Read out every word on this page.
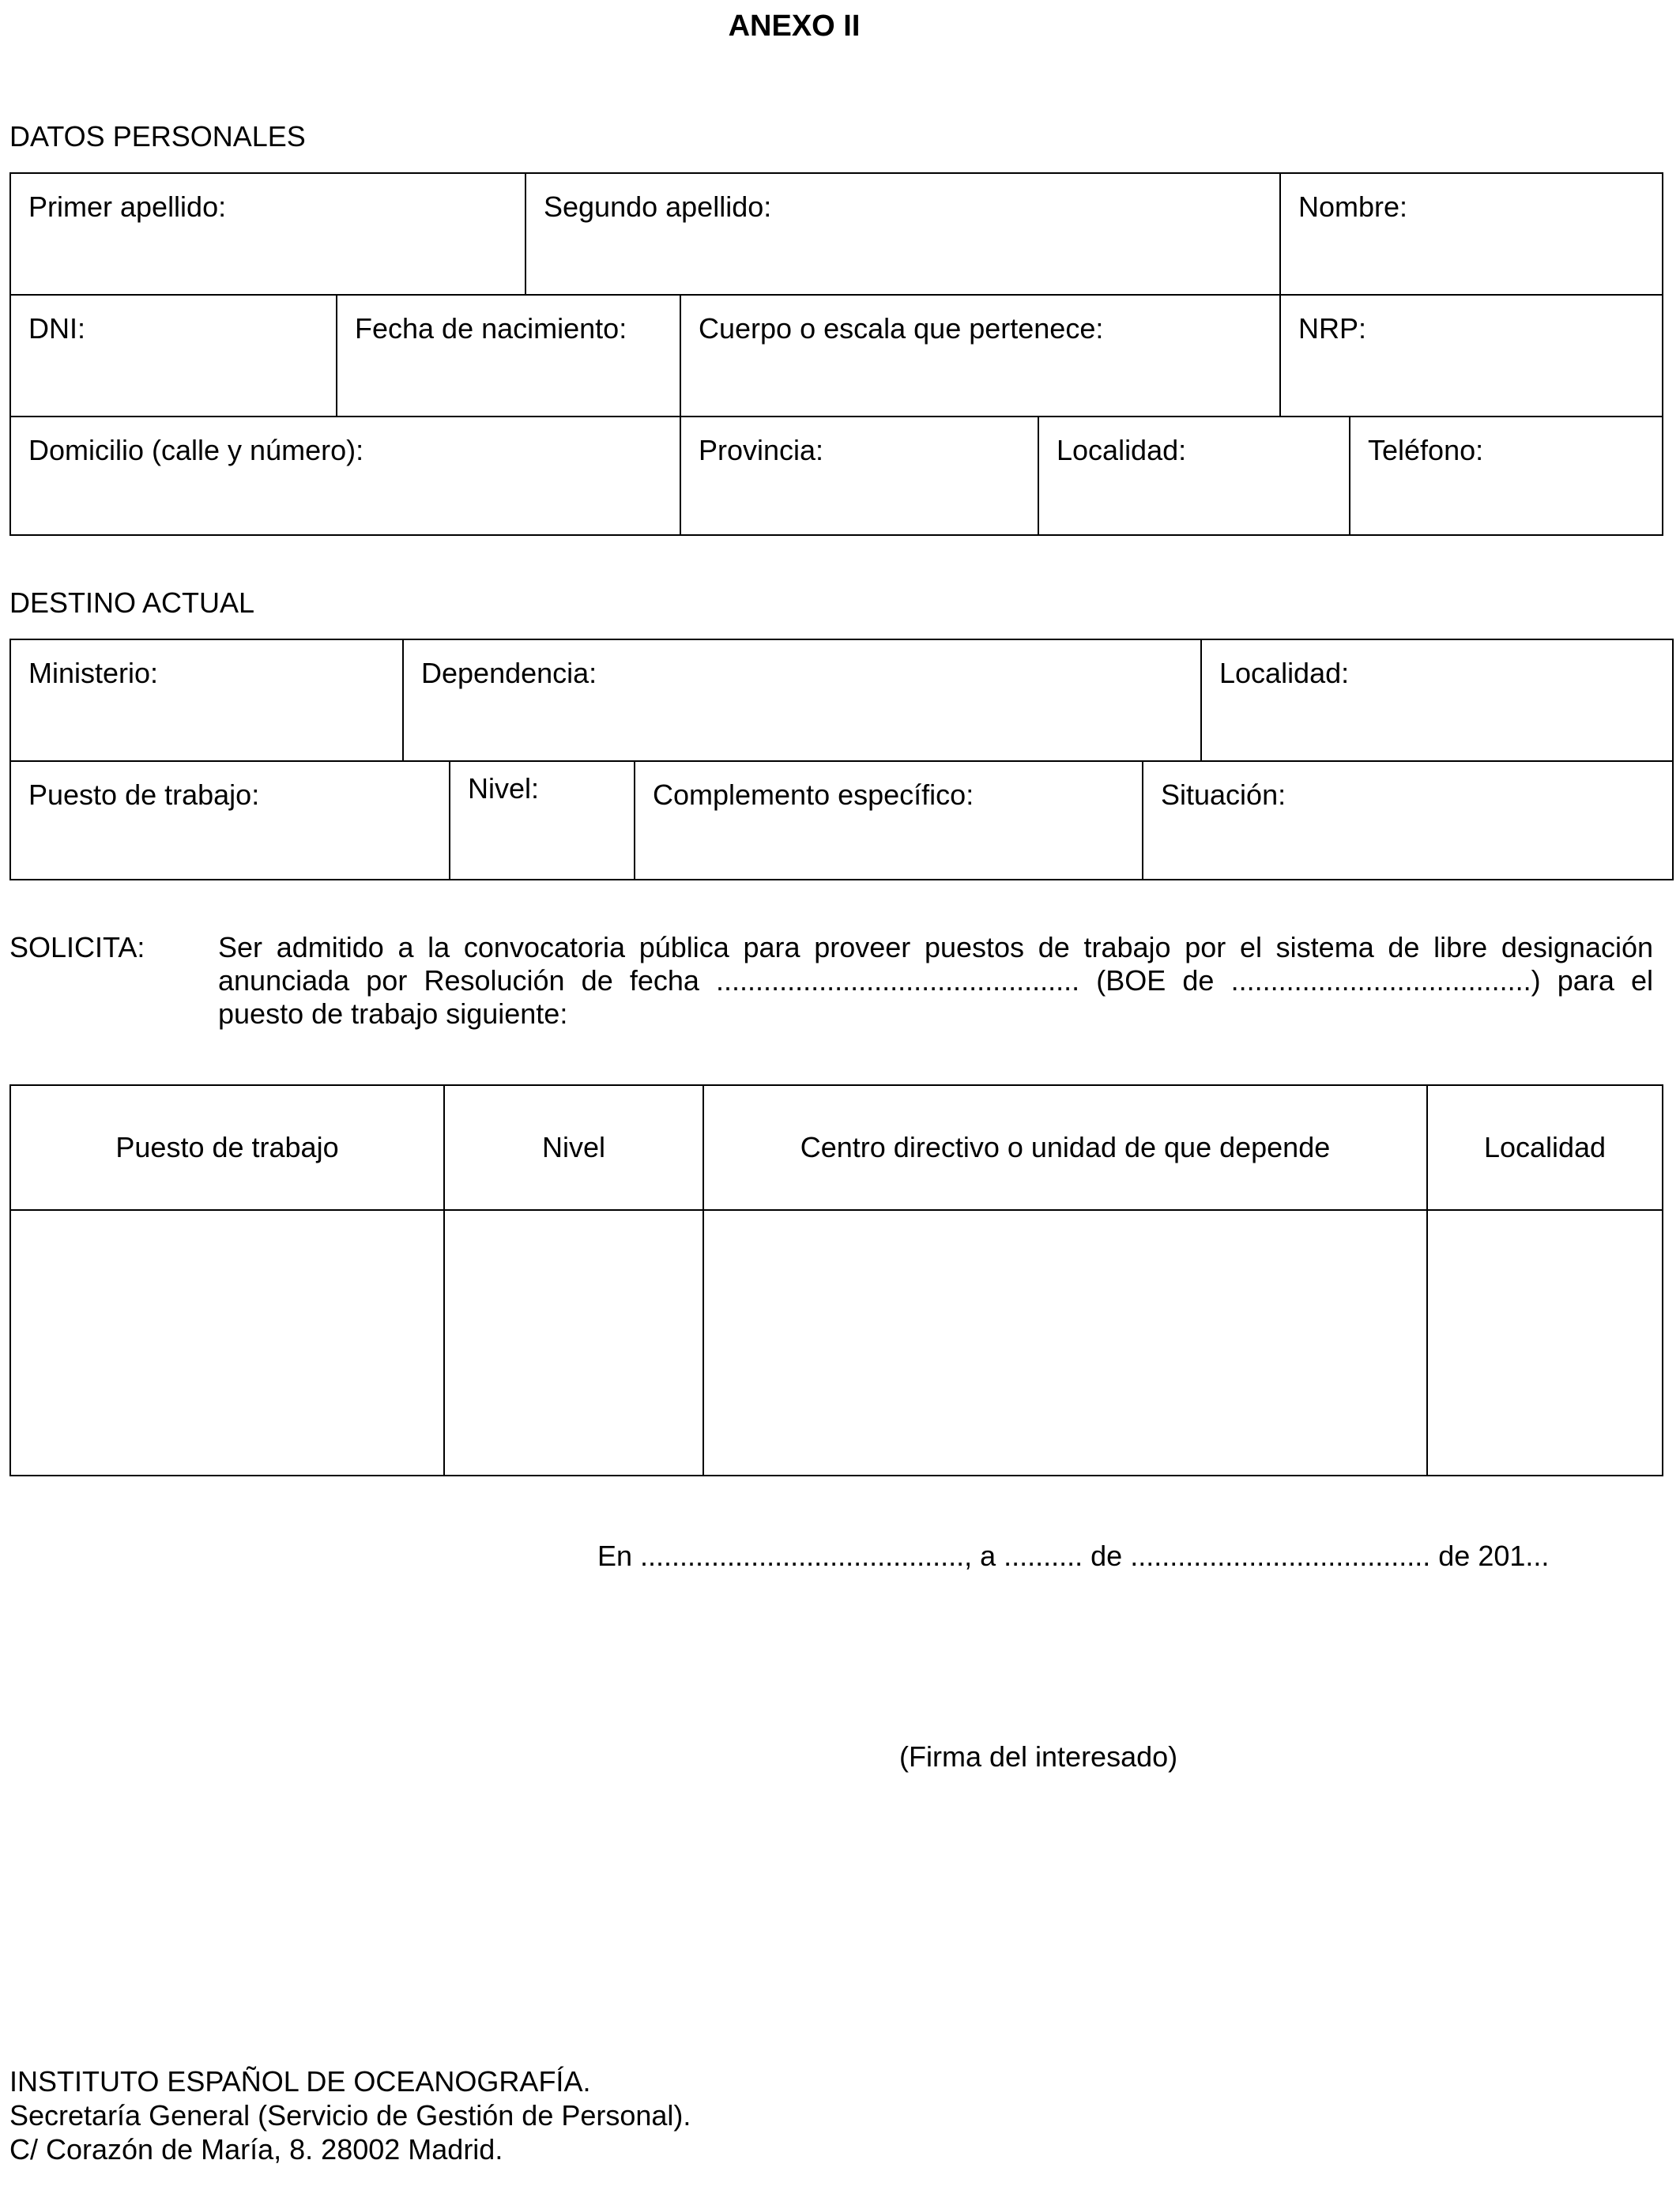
ANEXO II
DATOS PERSONALES
Primer apellido:	Segundo apellido:	Nombre:
DNI:	Fecha de nacimiento:	Cuerpo o escala que pertenece:	NRP:
Domicilio (calle y número):	Provincia:	Localidad:	Teléfono:
DESTINO ACTUAL
Ministerio:	Dependencia:	Localidad:
Puesto de trabajo:	Nivel:	Complemento específico:	Situación:
SOLICITA:	Ser admitido a la convocatoria pública para proveer puestos de trabajo por el sistema de libre designación
anunciada por Resolución de fecha .............................................. (BOE de ......................................) para el
puesto de trabajo siguiente:
Puesto de trabajo	Nivel	Centro directivo o unidad de que depende	Localidad
En ........................................., a .......... de ...................................... de 201...
(Firma del interesado)
INSTITUTO ESPAÑOL DE OCEANOGRAFÍA.
Secretaría General (Servicio de Gestión de Personal).
C/ Corazón de María, 8. 28002 Madrid.
